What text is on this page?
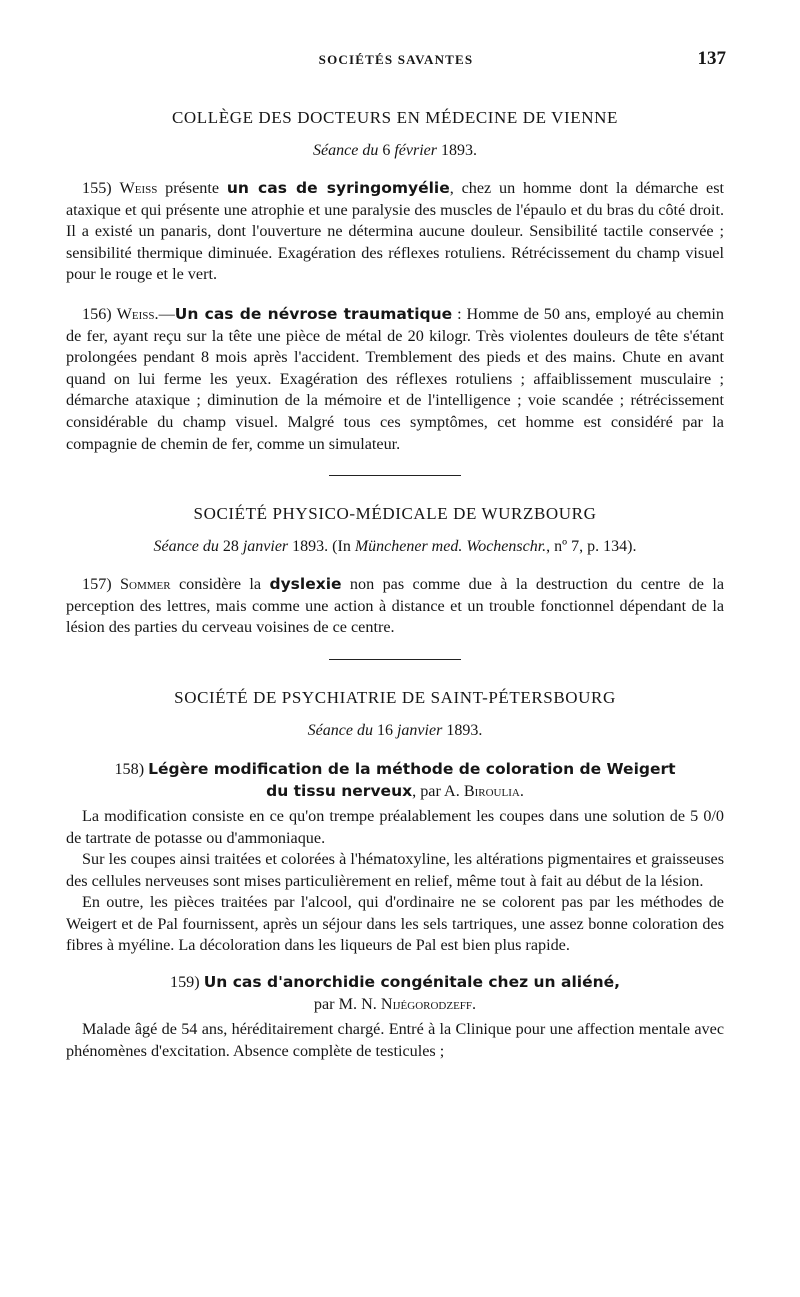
SOCIÉTÉS SAVANTES	137
COLLÈGE DES DOCTEURS EN MÉDECINE DE VIENNE
Séance du 6 février 1893.

155) Weiss présente un cas de syringomyélie, chez un homme dont la démarche est ataxique et qui présente une atrophie et une paralysie des muscles de l'épaulo et du bras du côté droit. Il a existé un panaris, dont l'ouverture ne détermina aucune douleur. Sensibilité tactile conservée ; sensibilité thermique diminuée. Exagération des réflexes rotuliens. Rétrécissement du champ visuel pour le rouge et le vert.

156) Weiss.—Un cas de névrose traumatique : Homme de 50 ans, employé au chemin de fer, ayant reçu sur la tête une pièce de métal de 20 kilogr. Très violentes douleurs de tête s'étant prolongées pendant 8 mois après l'accident. Tremblement des pieds et des mains. Chute en avant quand on lui ferme les yeux. Exagération des réflexes rotuliens ; affaiblissement musculaire ; démarche ataxique ; diminution de la mémoire et de l'intelligence ; voie scandée ; rétrécissement considérable du champ visuel. Malgré tous ces symptômes, cet homme est considéré par la compagnie de chemin de fer, comme un simulateur.

SOCIÉTÉ PHYSICO-MÉDICALE DE WURZBOURG
Séance du 28 janvier 1893. (In Münchener med. Wochenschr., nº 7, p. 134).

157) Sommer considère la dyslexie non pas comme due à la destruction du centre de la perception des lettres, mais comme une action à distance et un trouble fonctionnel dépendant de la lésion des parties du cerveau voisines de ce centre.

SOCIÉTÉ DE PSYCHIATRIE DE SAINT-PÉTERSBOURG
Séance du 16 janvier 1893.
158) Légère modification de la méthode de coloration de Weigert
du tissu nerveux, par A. Biroulia.

La modification consiste en ce qu'on trempe préalablement les coupes dans une solution de 5 0/0 de tartrate de potasse ou d'ammoniaque.

Sur les coupes ainsi traitées et colorées à l'hématoxyline, les altérations pigmentaires et graisseuses des cellules nerveuses sont mises particulièrement en relief, même tout à fait au début de la lésion.

En outre, les pièces traitées par l'alcool, qui d'ordinaire ne se colorent pas par les méthodes de Weigert et de Pal fournissent, après un séjour dans les sels tartriques, une assez bonne coloration des fibres à myéline. La décoloration dans les liqueurs de Pal est bien plus rapide.

159) Un cas d'anorchidie congénitale chez un aliéné,
par M. N. Nijégorodzeff.

Malade âgé de 54 ans, héréditairement chargé. Entré à la Clinique pour une affection mentale avec phénomènes d'excitation. Absence complète de testicules ;
